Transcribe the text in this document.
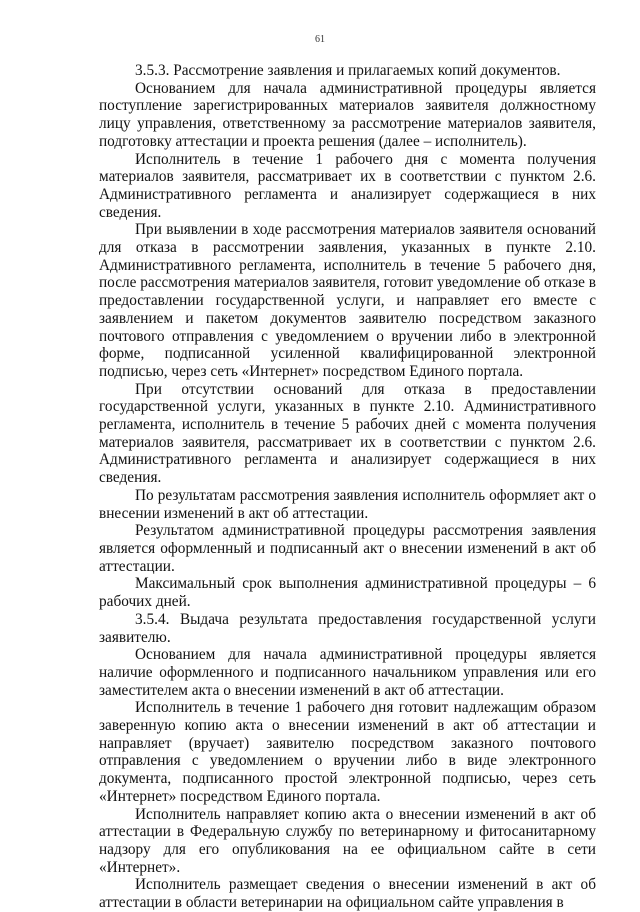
61

3.5.3. Рассмотрение заявления и прилагаемых копий документов.

Основанием для начала административной процедуры является поступление зарегистрированных материалов заявителя должностному лицу управления, ответственному за рассмотрение материалов заявителя, подготовку аттестации и проекта решения (далее – исполнитель).

Исполнитель в течение 1 рабочего дня с момента получения материалов заявителя, рассматривает их в соответствии с пунктом 2.6. Административного регламента и анализирует содержащиеся в них сведения.

При выявлении в ходе рассмотрения материалов заявителя оснований для отказа в рассмотрении заявления, указанных в пункте 2.10. Административного регламента, исполнитель в течение 5 рабочего дня, после рассмотрения материалов заявителя, готовит уведомление об отказе в предоставлении государственной услуги, и направляет его вместе с заявлением и пакетом документов заявителю посредством заказного почтового отправления с уведомлением о вручении либо в электронной форме, подписанной усиленной квалифицированной электронной подписью, через сеть «Интернет» посредством Единого портала.

При отсутствии оснований для отказа в предоставлении государственной услуги, указанных в пункте 2.10. Административного регламента, исполнитель в течение 5 рабочих дней с момента получения материалов заявителя, рассматривает их в соответствии с пунктом 2.6. Административного регламента и анализирует содержащиеся в них сведения.

По результатам рассмотрения заявления исполнитель оформляет акт о внесении изменений в акт об аттестации.

Результатом административной процедуры рассмотрения заявления является оформленный и подписанный акт о внесении изменений в акт об аттестации.

Максимальный срок выполнения административной процедуры – 6 рабочих дней.

3.5.4. Выдача результата предоставления государственной услуги заявителю.

Основанием для начала административной процедуры является наличие оформленного и подписанного начальником управления или его заместителем акта о внесении изменений в акт об аттестации.

Исполнитель в течение 1 рабочего дня готовит надлежащим образом заверенную копию акта о внесении изменений в акт об аттестации и направляет (вручает) заявителю посредством заказного почтового отправления с уведомлением о вручении либо в виде электронного документа, подписанного простой электронной подписью, через сеть «Интернет» посредством Единого портала.

Исполнитель направляет копию акта о внесении изменений в акт об аттестации в Федеральную службу по ветеринарному и фитосанитарному надзору для его опубликования на ее официальном сайте в сети «Интернет».

Исполнитель размещает сведения о внесении изменений в акт об аттестации в области ветеринарии на официальном сайте управления в
